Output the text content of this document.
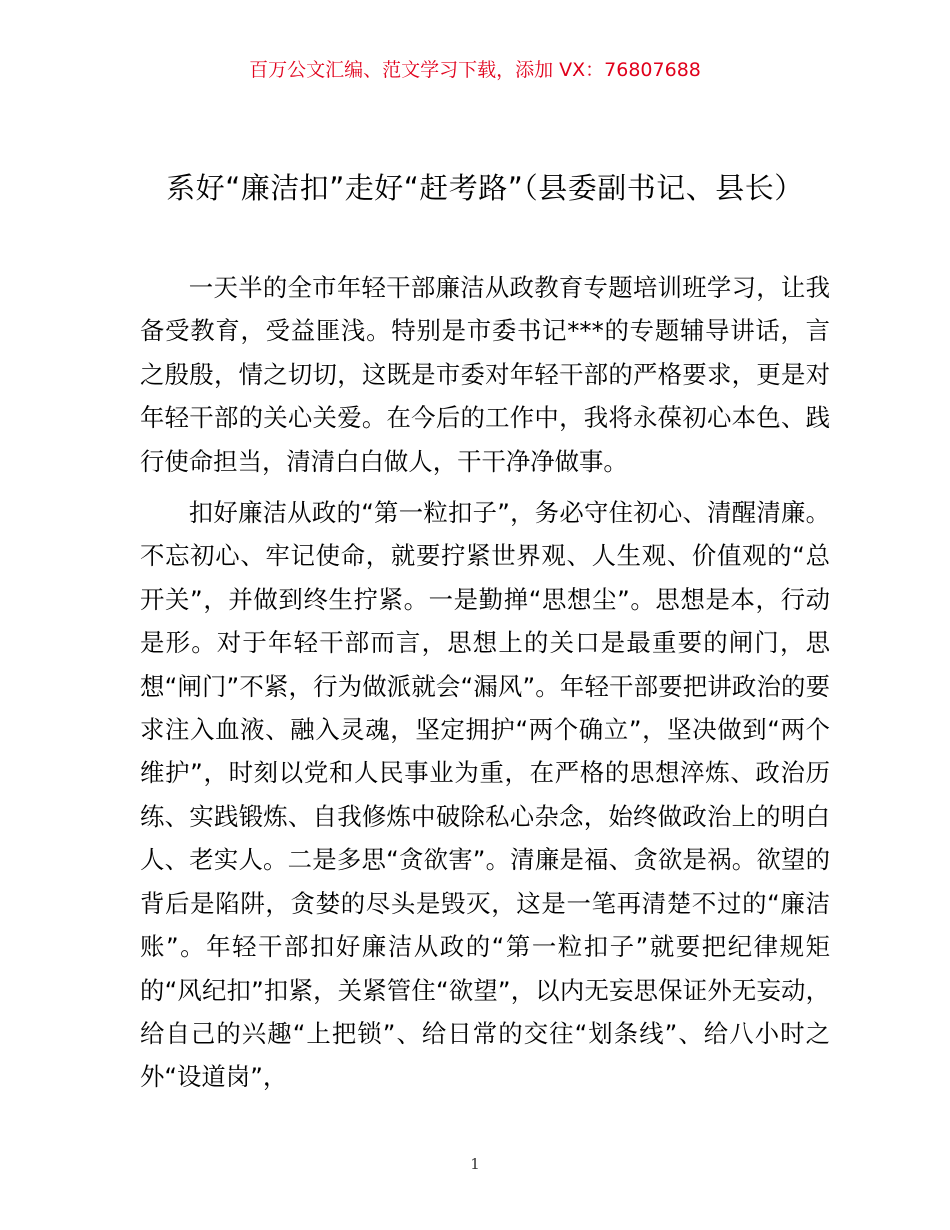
百万公文汇编、范文学习下载，添加 VX：76807688
系好“廉洁扣”走好“赶考路”（县委副书记、县长）

一天半的全市年轻干部廉洁从政教育专题培训班学习，让我备受教育，受益匪浅。特别是市委书记***的专题辅导讲话，言之殷殷，情之切切，这既是市委对年轻干部的严格要求，更是对年轻干部的关心关爱。在今后的工作中，我将永葆初心本色、践行使命担当，清清白白做人，干干净净做事。

扣好廉洁从政的“第一粒扣子”，务必守住初心、清醒清廉。不忘初心、牢记使命，就要拧紧世界观、人生观、价值观的“总开关”，并做到终生拧紧。一是勤掸“思想尘”。思想是本，行动是形。对于年轻干部而言，思想上的关口是最重要的闸门，思想“闸门”不紧，行为做派就会“漏风”。年轻干部要把讲政治的要求注入血液、融入灵魂，坚定拥护“两个确立”，坚决做到“两个维护”，时刻以党和人民事业为重，在严格的思想淬炼、政治历练、实践锻炼、自我修炼中破除私心杂念，始终做政治上的明白人、老实人。二是多思“贪欲害”。清廉是福、贪欲是祸。欲望的背后是陷阱，贪婪的尽头是毁灭，这是一笔再清楚不过的“廉洁账”。年轻干部扣好廉洁从政的“第一粒扣子”就要把纪律规矩的“风纪扣”扣紧，关紧管住“欲望”，以内无妄思保证外无妄动，给自己的兴趣“上把锁”、给日常的交往“划条线”、给八小时之外“设道岗”，

1
